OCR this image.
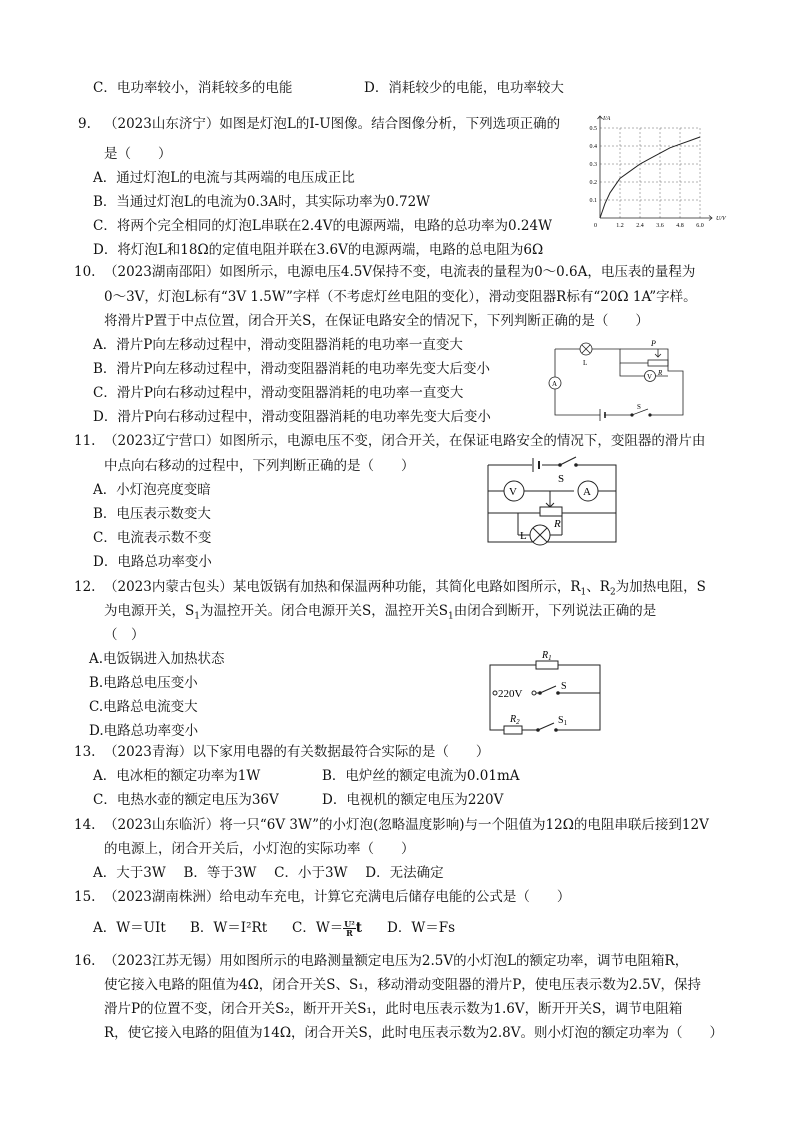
C．电功率较小，消耗较多的电能	D．消耗较少的电能，电功率较大
9. （2023山东济宁）如图是灯泡L的I-U图像。结合图像分析，下列选项正确的
是（　　）
A．通过灯泡L的电流与其两端的电压成正比
B．当通过灯泡L的电流为0.3A时，其实际功率为0.72W
C．将两个完全相同的灯泡L串联在2.4V的电源两端，电路的总功率为0.24W
D．将灯泡L和18Ω的定值电阻并联在3.6V的电源两端，电路的总电阻为6Ω
1.2 2.4 3.6 4.8 6.0
0.1
0.2
0.3
0.4
0.5
0
U/V
I/A
10. （2023湖南邵阳）如图所示，电源电压4.5V保持不变，电流表的量程为0～0.6A，电压表的量程为
0～3V，灯泡L标有“3V 1.5W”字样（不考虑灯丝电阻的变化），滑动变阻器R标有“20Ω 1A”字样。
将滑片P置于中点位置，闭合开关S，在保证电路安全的情况下，下列判断正确的是（　　）
A．滑片P向左移动过程中，滑动变阻器消耗的电功率一直变大
B．滑片P向左移动过程中，滑动变阻器消耗的电功率先变大后变小
C．滑片P向右移动过程中，滑动变阻器消耗的电功率一直变大
D．滑片P向右移动过程中，滑动变阻器消耗的电功率先变大后变小
L
P
R
V
A
S
11. （2023辽宁营口）如图所示，电源电压不变，闭合开关，在保证电路安全的情况下，变阻器的滑片由
中点向右移动的过程中，下列判断正确的是（　　）
A．小灯泡亮度变暗
B．电压表示数变大
C．电流表示数不变
D．电路总功率变小
S
V	A
L
R
12. （2023内蒙古包头）某电饭锅有加热和保温两种功能，其简化电路如图所示，$R_1$、$R_2$为加热电阻，S
为电源开关，$S_1$为温控开关。闭合电源开关S，温控开关$S_1$由闭合到断开，下列说法正确的是
（　）
A.电饭锅进入加热状态
B.电路总电压变小
C.电路总电流变大
D.电路总功率变小
220V
$R_1$
$R_2$
S
$S_1$
13. （2023青海）以下家用电器的有关数据最符合实际的是（　　）
A．电冰柜的额定功率为1W	B．电炉丝的额定电流为0.01mA
C．电热水壶的额定电压为36V	D．电视机的额定电压为220V
14. （2023山东临沂）将一只“6V 3W”的小灯泡(忽略温度影响)与一个阻值为12Ω的电阻串联后接到12V
的电源上，闭合开关后，小灯泡的实际功率（　　）
A．大于3W　 B．等于3W　 C．小于3W　 D．无法确定
15. （2023湖南株洲）给电动车充电，计算它充满电后储存电能的公式是（　　）
A．W＝UIt B．W＝I²Rt C．$W= \frac{\text{U²}}{R}$ t D．W＝Fs
16. （2023江苏无锡）用如图所示的电路测量额定电压为2.5V的小灯泡L的额定功率，调节电阻箱R，
使它接入电路的阻值为4Ω，闭合开关S、S₁，移动滑动变阻器的滑片P，使电压表示数为2.5V，保持
滑片P的位置不变，闭合开关S₂，断开开关S₁，此时电压表示数为1.6V，断开开关S，调节电阻箱
R，使它接入电路的阻值为14Ω，闭合开关S，此时电压表示数为2.8V。则小灯泡的额定功率为（　　）
